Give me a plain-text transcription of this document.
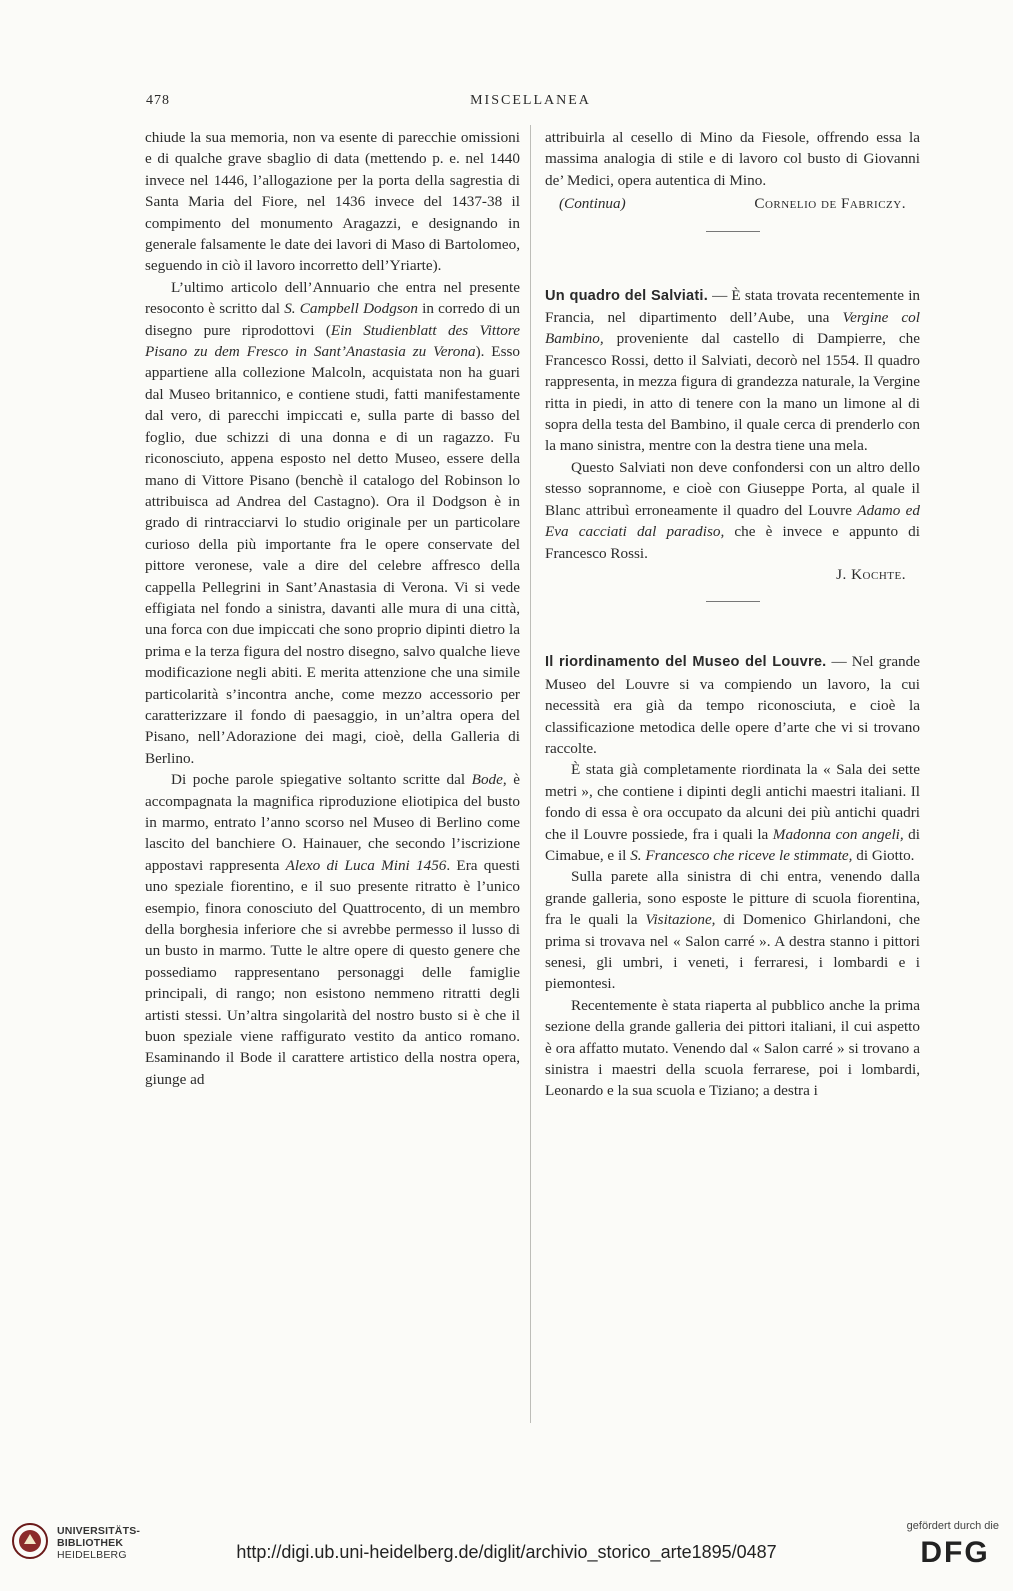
478	MISCELLANEA

chiude la sua memoria, non va esente di parecchie omissioni e di qualche grave sbaglio di data (mettendo p. e. nel 1440 invece nel 1446, l’allogazione per la porta della sagrestia di Santa Maria del Fiore, nel 1436 invece del 1437-38 il compimento del monumento Aragazzi, e designando in generale falsamente le date dei lavori di Maso di Bartolomeo, seguendo in ciò il lavoro incorretto dell’Yriarte).

L’ultimo articolo dell’Annuario che entra nel presente resoconto è scritto dal S. Campbell Dodgson in corredo di un disegno pure riprodottovi (Ein Studienblatt des Vittore Pisano zu dem Fresco in Sant’Anastasia zu Verona). Esso appartiene alla collezione Malcoln, acquistata non ha guari dal Museo britannico, e contiene studi, fatti manifestamente dal vero, di parecchi impiccati e, sulla parte di basso del foglio, due schizzi di una donna e di un ragazzo. Fu riconosciuto, appena esposto nel detto Museo, essere della mano di Vittore Pisano (benchè il catalogo del Robinson lo attribuisca ad Andrea del Castagno). Ora il Dodgson è in grado di rintracciarvi lo studio originale per un particolare curioso della più importante fra le opere conservate del pittore veronese, vale a dire del celebre affresco della cappella Pellegrini in Sant’Anastasia di Verona. Vi si vede effigiata nel fondo a sinistra, davanti alle mura di una città, una forca con due impiccati che sono proprio dipinti dietro la prima e la terza figura del nostro disegno, salvo qualche lieve modificazione negli abiti. E merita attenzione che una simile particolarità s’incontra anche, come mezzo accessorio per caratterizzare il fondo di paesaggio, in un’altra opera del Pisano, nell’Adorazione dei magi, cioè, della Galleria di Berlino.

Di poche parole spiegative soltanto scritte dal Bode, è accompagnata la magnifica riproduzione eliotipica del busto in marmo, entrato l’anno scorso nel Museo di Berlino come lascito del banchiere O. Hainauer, che secondo l’iscrizione appostavi rappresenta Alexo di Luca Mini 1456. Era questi uno speziale fiorentino, e il suo presente ritratto è l’unico esempio, finora conosciuto del Quattrocento, di un membro della borghesia inferiore che si avrebbe permesso il lusso di un busto in marmo. Tutte le altre opere di questo genere che possediamo rappresentano personaggi delle famiglie principali, di rango; non esistono nemmeno ritratti degli artisti stessi. Un’altra singolarità del nostro busto si è che il buon speziale viene raffigurato vestito da antico romano. Esaminando il Bode il carattere artistico della nostra opera, giunge ad

attribuirla al cesello di Mino da Fiesole, offrendo essa la massima analogia di stile e di lavoro col busto di Giovanni de’ Medici, opera autentica di Mino.

(Continua)	Cornelio de Fabriczy.

Un quadro del Salviati. — È stata trovata recentemente in Francia, nel dipartimento dell’Aube, una Vergine col Bambino, proveniente dal castello di Dampierre, che Francesco Rossi, detto il Salviati, decorò nel 1554. Il quadro rappresenta, in mezza figura di grandezza naturale, la Vergine ritta in piedi, in atto di tenere con la mano un limone al di sopra della testa del Bambino, il quale cerca di prenderlo con la mano sinistra, mentre con la destra tiene una mela.

Questo Salviati non deve confondersi con un altro dello stesso soprannome, e cioè con Giuseppe Porta, al quale il Blanc attribuì erroneamente il quadro del Louvre Adamo ed Eva cacciati dal paradiso, che è invece e appunto di Francesco Rossi.

J. Kochte.

Il riordinamento del Museo del Louvre. — Nel grande Museo del Louvre si va compiendo un lavoro, la cui necessità era già da tempo riconosciuta, e cioè la classificazione metodica delle opere d’arte che vi si trovano raccolte.

È stata già completamente riordinata la « Sala dei sette metri », che contiene i dipinti degli antichi maestri italiani. Il fondo di essa è ora occupato da alcuni dei più antichi quadri che il Louvre possiede, fra i quali la Madonna con angeli, di Cimabue, e il S. Francesco che riceve le stimmate, di Giotto.

Sulla parete alla sinistra di chi entra, venendo dalla grande galleria, sono esposte le pitture di scuola fiorentina, fra le quali la Visitazione, di Domenico Ghirlandoni, che prima si trovava nel « Salon carré ». A destra stanno i pittori senesi, gli umbri, i veneti, i ferraresi, i lombardi e i piemontesi.

Recentemente è stata riaperta al pubblico anche la prima sezione della grande galleria dei pittori italiani, il cui aspetto è ora affatto mutato. Venendo dal « Salon carré » si trovano a sinistra i maestri della scuola ferrarese, poi i lombardi, Leonardo e la sua scuola e Tiziano; a destra i

UNIVERSITÄTS-
BIBLIOTHEK
HEIDELBERG	http://digi.ub.uni-heidelberg.de/diglit/archivio_storico_arte1895/0487
gefördert durch die
DFG
